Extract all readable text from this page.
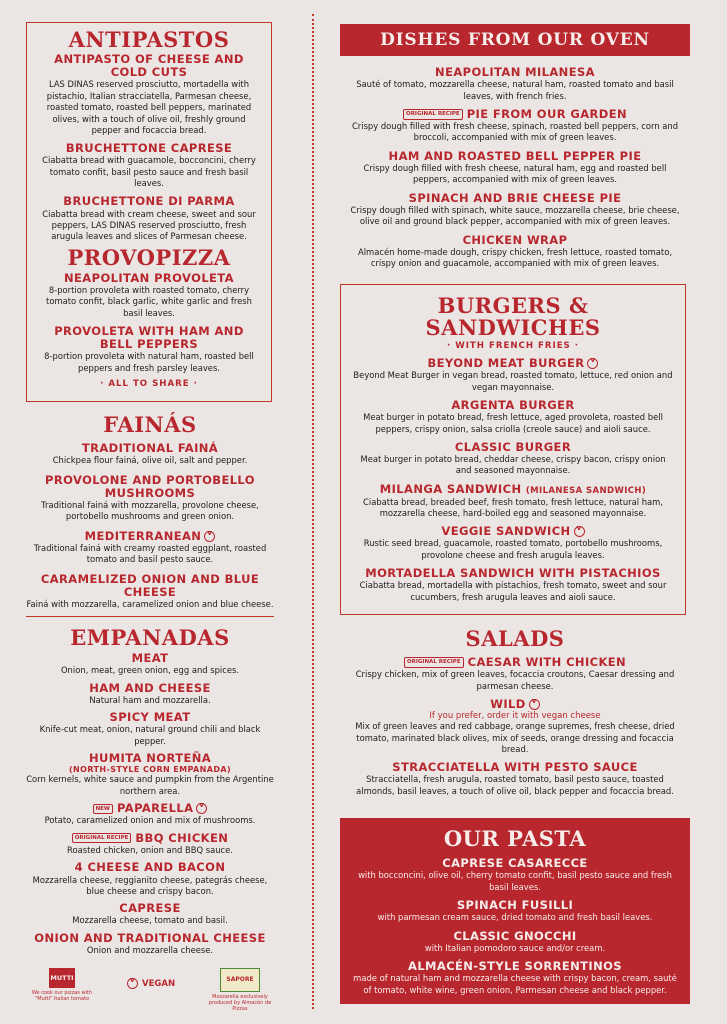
ANTIPASTOS
ANTIPASTO OF CHEESE AND COLD CUTS
LAS DINAS reserved prosciutto, mortadella with pistachio, Italian stracciatella, Parmesan cheese, roasted tomato, roasted bell peppers, marinated olives, with a touch of olive oil, freshly ground pepper and focaccia bread.
BRUCHETTONE CAPRESE
Ciabatta bread with guacamole, bocconcini, cherry tomato confit, basil pesto sauce and fresh basil leaves.
BRUCHETTONE DI PARMA
Ciabatta bread with cream cheese, sweet and sour peppers, LAS DINAS reserved prosciutto, fresh arugula leaves and slices of Parmesan cheese.
PROVOPIZZA
NEAPOLITAN PROVOLETA
8-portion provoleta with roasted tomato, cherry tomato confit, black garlic, white garlic and fresh basil leaves.
PROVOLETA WITH HAM AND BELL PEPPERS
8-portion provoleta with natural ham, roasted bell peppers and fresh parsley leaves.
· ALL TO SHARE ·
FAINÁS
TRADITIONAL FAINÁ
Chickpea flour fainá, olive oil, salt and pepper.
PROVOLONE AND PORTOBELLO MUSHROOMS
Traditional fainá with mozzarella, provolone cheese, portobello mushrooms and green onion.
MEDITERRANEANv
Traditional fainá with creamy roasted eggplant, roasted tomato and basil pesto sauce.
CARAMELIZED ONION AND BLUE CHEESE
Fainá with mozzarella, caramelized onion and blue cheese.
EMPANADAS
MEAT
Onion, meat, green onion, egg and spices.
HAM AND CHEESE
Natural ham and mozzarella.
SPICY MEAT
Knife-cut meat, onion, natural ground chili and black pepper.
HUMITA NORTEÑA
(NORTH-STYLE CORN EMPANADA)
Corn kernels, white sauce and pumpkin from the Argentine northern area.
NEW PAPARELLAv
Potato, caramelized onion and mix of mushrooms.
ORIGINAL RECIPE BBQ CHICKEN
Roasted chicken, onion and BBQ sauce.
4 CHEESE AND BACON
Mozzarella cheese, reggianito cheese, pategrás cheese, blue cheese and crispy bacon.
CAPRESE
Mozzarella cheese, tomato and basil.
ONION AND TRADITIONAL CHEESE
Onion and mozzarella cheese.
MUTTI
We cook our pizzas with "Mutti" Italian tomato
vVEGAN	SAPORE
Mozzarella exclusively produced by Almacén de Pizzas
DISHES FROM OUR OVEN
NEAPOLITAN MILANESA
Sauté of tomato, mozzarella cheese, natural ham, roasted tomato and basil leaves, with french fries.
ORIGINAL RECIPE PIE FROM OUR GARDEN
Crispy dough filled with fresh cheese, spinach, roasted bell peppers, corn and broccoli, accompanied with mix of green leaves.
HAM AND ROASTED BELL PEPPER PIE
Crispy dough filled with fresh cheese, natural ham, egg and roasted bell peppers, accompanied with mix of green leaves.
SPINACH AND BRIE CHEESE PIE
Crispy dough filled with spinach, white sauce, mozzarella cheese, brie cheese, olive oil and ground black pepper, accompanied with mix of green leaves.
CHICKEN WRAP
Almacén home-made dough, crispy chicken, fresh lettuce, roasted tomato, crispy onion and guacamole, accompanied with mix of green leaves.
BURGERS &
SANDWICHES
· WITH FRENCH FRIES ·
BEYOND MEAT BURGERv
Beyond Meat Burger in vegan bread, roasted tomato, lettuce, red onion and vegan mayonnaise.
ARGENTA BURGER
Meat burger in potato bread, fresh lettuce, aged provoleta, roasted bell peppers, crispy onion, salsa criolla (creole sauce) and aioli sauce.
CLASSIC BURGER
Meat burger in potato bread, cheddar cheese, crispy bacon, crispy onion and seasoned mayonnaise.
MILANGA SANDWICH (MILANESA SANDWICH)
Ciabatta bread, breaded beef, fresh tomato, fresh lettuce, natural ham, mozzarella cheese, hard-boiled egg and seasoned mayonnaise.
VEGGIE SANDWICHv
Rustic seed bread, guacamole, roasted tomato, portobello mushrooms, provolone cheese and fresh arugula leaves.
MORTADELLA SANDWICH WITH PISTACHIOS
Ciabatta bread, mortadella with pistachios, fresh tomato, sweet and sour cucumbers, fresh arugula leaves and aioli sauce.
SALADS
ORIGINAL RECIPE CAESAR WITH CHICKEN
Crispy chicken, mix of green leaves, focaccia croutons, Caesar dressing and parmesan cheese.
WILDv
If you prefer, order it with vegan cheese
Mix of green leaves and red cabbage, orange supremes, fresh cheese, dried tomato, marinated black olives, mix of seeds, orange dressing and focaccia bread.
STRACCIATELLA WITH PESTO SAUCE
Stracciatella, fresh arugula, roasted tomato, basil pesto sauce, toasted almonds, basil leaves, a touch of olive oil, black pepper and focaccia bread.
OUR PASTA
CAPRESE CASARECCE
with bocconcini, olive oil, cherry tomato confit, basil pesto sauce and fresh basil leaves.
SPINACH FUSILLI
with parmesan cream sauce, dried tomato and fresh basil leaves.
CLASSIC GNOCCHI
with Italian pomodoro sauce and/or cream.
ALMACÉN-STYLE SORRENTINOS
made of natural ham and mozzarella cheese with crispy bacon, cream, sauté of tomato, white wine, green onion, Parmesan cheese and black pepper.
